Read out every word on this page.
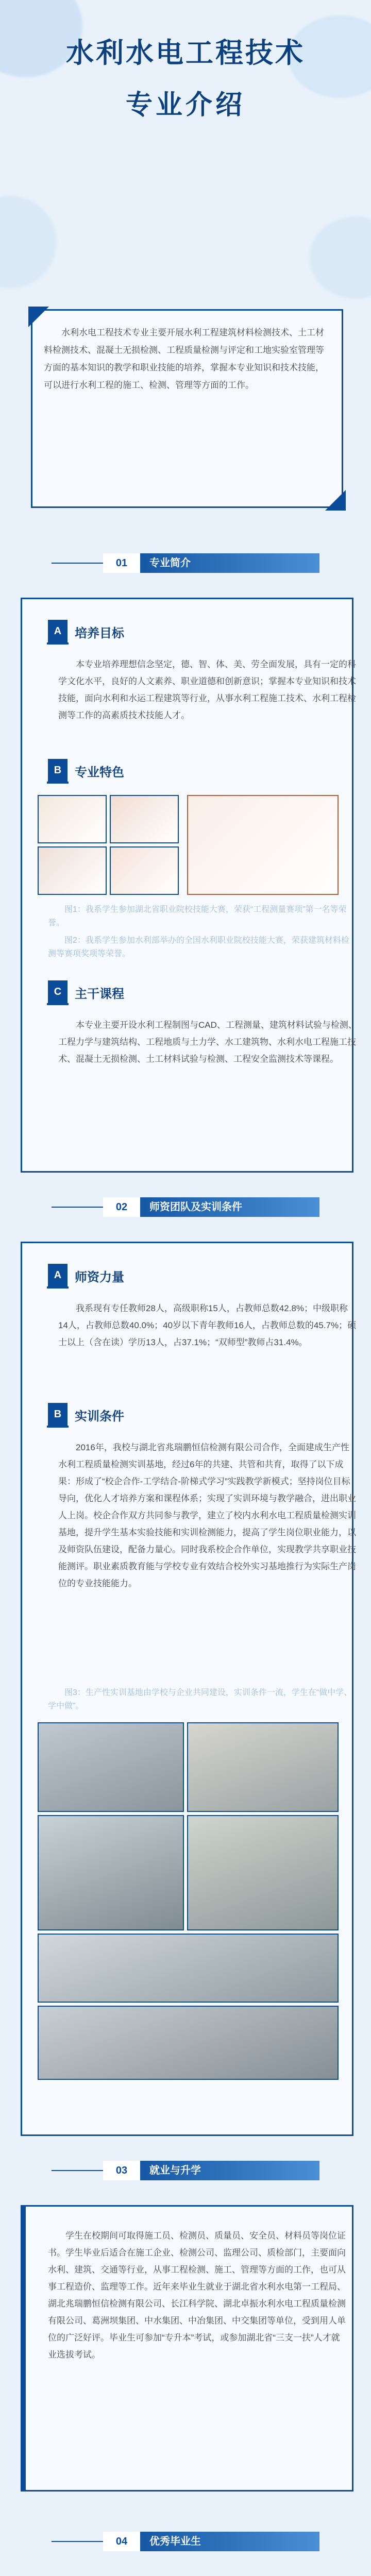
水利水电工程技术
专业介绍
水利水电工程技术专业主要开展水利工程建筑材料检测技术、土工材料检测技术、混凝土无损检测、工程质量检测与评定和工地实验室管理等方面的基本知识的教学和职业技能的培养，掌握本专业知识和技术技能，可以进行水利工程的施工、检测、管理等方面的工作。
01	专业简介
A	培养目标
本专业培养理想信念坚定，德、智、体、美、劳全面发展，具有一定的科学文化水平，良好的人文素养、职业道德和创新意识；掌握本专业知识和技术技能，面向水利和水运工程建筑等行业，从事水利工程施工技术、水利工程检测等工作的高素质技术技能人才。
B	专业特色
图1：我系学生参加湖北省职业院校技能大赛，荣获“工程测量赛项”第一名等荣誉。
图2：我系学生参加水利部举办的全国水利职业院校技能大赛，荣获建筑材料检测等赛项奖项等荣誉。
C	主干课程
本专业主要开设水利工程制图与CAD、工程测量、建筑材料试验与检测、工程力学与建筑结构、工程地质与土力学、水工建筑物、水利水电工程施工技术、混凝土无损检测、土工材料试验与检测、工程安全监测技术等课程。
02	师资团队及实训条件
A	师资力量
我系现有专任教师28人，高级职称15人，占教师总数42.8%；中级职称14人，占教师总数40.0%；40岁以下青年教师16人，占教师总数的45.7%；硕士以上（含在读）学历13人，占37.1%；“双师型”教师占31.4%。
B	实训条件
2016年，我校与湖北省兆瑞鹏恒信检测有限公司合作，全面建成生产性水利工程质量检测实训基地，经过6年的共建、共管和共育，取得了以下成果：形成了“校企合作-工学结合-阶梯式学习”实践教学新模式；坚持岗位目标导向，优化人才培养方案和课程体系；实现了实训环境与教学融合，进出职业人上岗。校企合作双方共同参与教学，建立了校内水利水电工程质量检测实训基地，提升学生基本实验技能和实训检测能力，提高了学生岗位职业能力，以及师资队伍建设，配备力量心。同时我系校企合作单位，实现教学共享职业技能测评。职业素质教育能与学校专业有效结合校外实习基地推行为实际生产岗位的专业技能能力。
图3：生产性实训基地由学校与企业共同建设，实训条件一流，学生在“做中学、学中做”。
03	就业与升学
学生在校期间可取得施工员、检测员、质量员、安全员、材料员等岗位证书。学生毕业后适合在施工企业、检测公司、监理公司、质检部门，主要面向水利、建筑、交通等行业，从事工程检测、施工、管理等方面的工作，也可从事工程造价、监理等工作。近年来毕业生就业于湖北省水利水电第一工程局、湖北兆瑞鹏恒信检测有限公司、长江科学院、湖北卓振水利水电工程质量检测有限公司、葛洲坝集团、中水集团、中冶集团、中交集团等单位，受到用人单位的广泛好评。毕业生可参加“专升本”考试，或参加湖北省“三支一扶”人才就业选拔考试。
04	优秀毕业生
